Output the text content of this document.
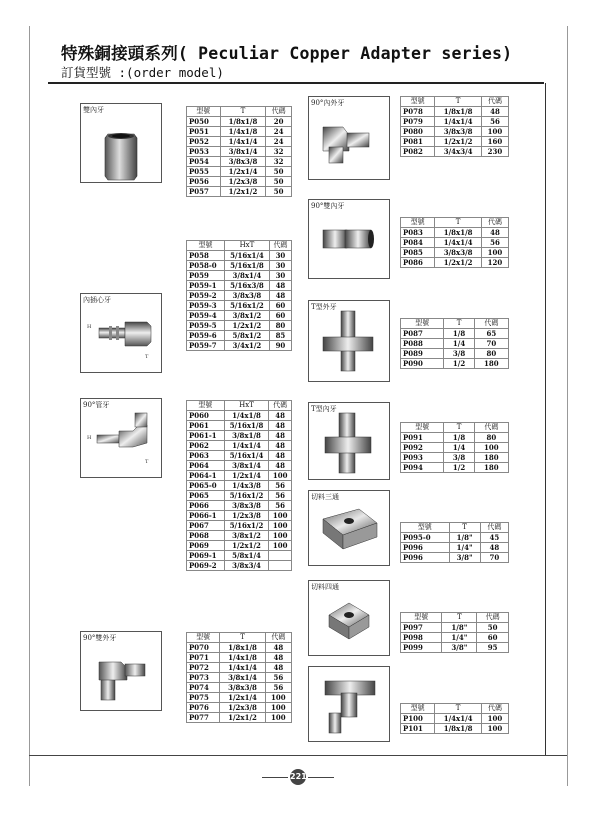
特殊銅接頭系列( Peculiar Copper Adapter series)
訂貨型號 :(order model)
221
雙內牙
內插心牙
H
T
90°管牙
H
T
90°雙外牙
90°內外牙
90°雙內牙
T型外牙
T型內牙
切料三通
切料四通
型號	T	代碼
P050	1/8x1/8	20
P051	1/4x1/8	24
P052	1/4x1/4	24
P053	3/8x1/4	32
P054	3/8x3/8	32
P055	1/2x1/4	50
P056	1/2x3/8	50
P057	1/2x1/2	50
型號	HxT	代碼
P058	5/16x1/4	30
P058-0	5/16x1/8	30
P059	3/8x1/4	30
P059-1	5/16x3/8	48
P059-2	3/8x3/8	48
P059-3	5/16x1/2	60
P059-4	3/8x1/2	60
P059-5	1/2x1/2	80
P059-6	5/8x1/2	85
P059-7	3/4x1/2	90
型號	HxT	代碼
P060	1/4x1/8	48
P061	5/16x1/8	48
P061-1	3/8x1/8	48
P062	1/4x1/4	48
P063	5/16x1/4	48
P064	3/8x1/4	48
P064-1	1/2x1/4	100
P065-0	1/4x3/8	56
P065	5/16x1/2	56
P066	3/8x3/8	56
P066-1	1/2x3/8	100
P067	5/16x1/2	100
P068	3/8x1/2	100
P069	1/2x1/2	100
P069-1	5/8x1/4	
P069-2	3/8x3/4	
型號	T	代碼
P070	1/8x1/8	48
P071	1/4x1/8	48
P072	1/4x1/4	48
P073	3/8x1/4	56
P074	3/8x3/8	56
P075	1/2x1/4	100
P076	1/2x3/8	100
P077	1/2x1/2	100
型號	T	代碼
P078	1/8x1/8	48
P079	1/4x1/4	56
P080	3/8x3/8	100
P081	1/2x1/2	160
P082	3/4x3/4	230
型號	T	代碼
P083	1/8x1/8	48
P084	1/4x1/4	56
P085	3/8x3/8	100
P086	1/2x1/2	120
型號	T	代碼
P087	1/8	65
P088	1/4	70
P089	3/8	80
P090	1/2	180
型號	T	代碼
P091	1/8	80
P092	1/4	100
P093	3/8	180
P094	1/2	180
型號	T	代碼
P095-0	1/8"	45
P096	1/4"	48
P096	3/8"	70
型號	T	代碼
P097	1/8"	50
P098	1/4"	60
P099	3/8"	95
型號	T	代碼
P100	1/4x1/4	100
P101	1/8x1/8	100
